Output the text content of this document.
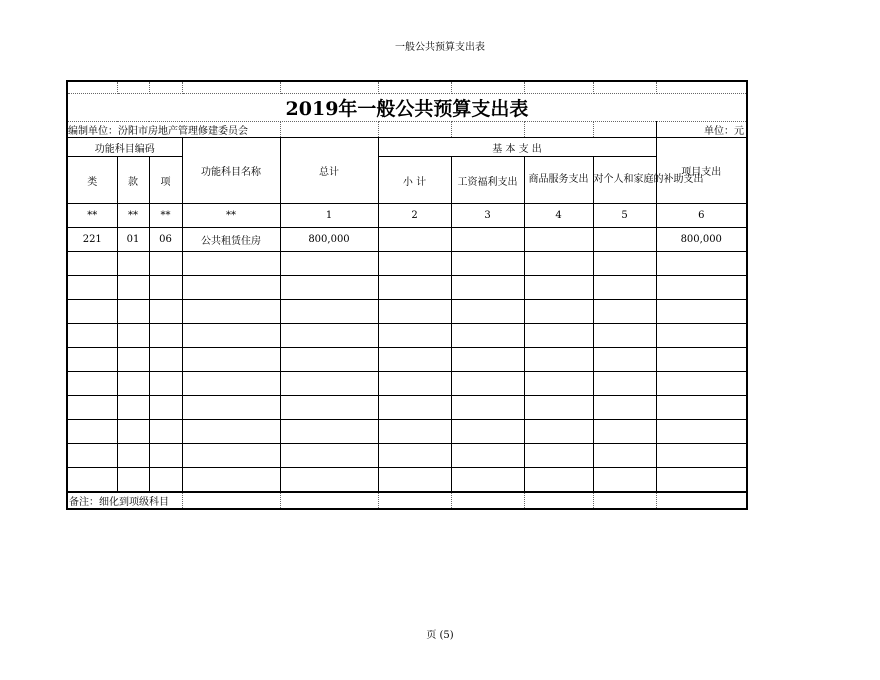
一般公共预算支出表

2019年一般公共预算支出表									
编制单位：汾阳市房地产管理修建委员会									单位：元
功能科目编码			功能科目名称	总计	基 本 支 出				项目支出
类	款	项			小 计	工资福利支出	商品服务支出	对个人和家庭的补助支出	
**	**	**	**	1	2	3	4	5	6
221	01	06	公共租赁住房	800,000					800,000

备注：细化到项级科目									
页 (5)
